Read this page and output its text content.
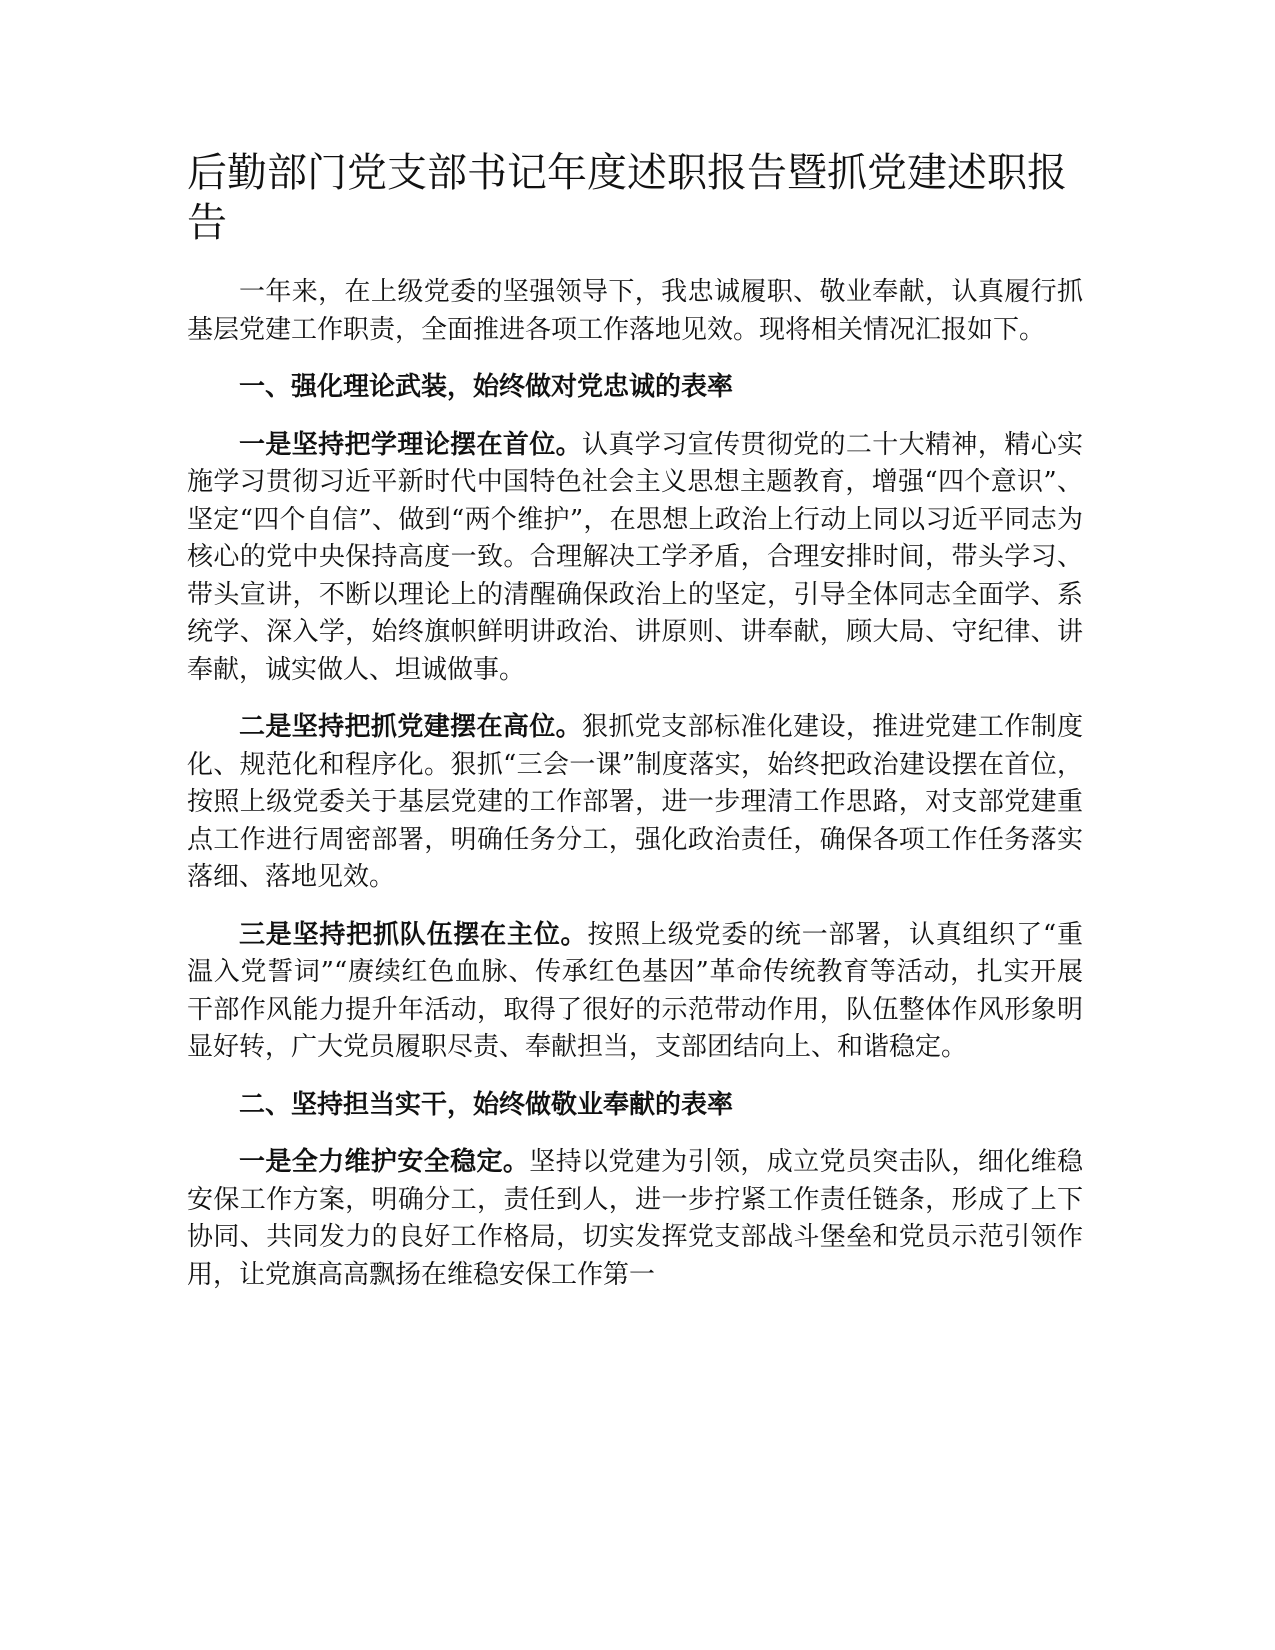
后勤部门党支部书记年度述职报告暨抓党建述职报告

一年来，在上级党委的坚强领导下，我忠诚履职、敬业奉献，认真履行抓基层党建工作职责，全面推进各项工作落地见效。现将相关情况汇报如下。

一、强化理论武装，始终做对党忠诚的表率

一是坚持把学理论摆在首位。认真学习宣传贯彻党的二十大精神，精心实施学习贯彻习近平新时代中国特色社会主义思想主题教育，增强“四个意识”、坚定“四个自信”、做到“两个维护”，在思想上政治上行动上同以习近平同志为核心的党中央保持高度一致。合理解决工学矛盾，合理安排时间，带头学习、带头宣讲，不断以理论上的清醒确保政治上的坚定，引导全体同志全面学、系统学、深入学，始终旗帜鲜明讲政治、讲原则、讲奉献，顾大局、守纪律、讲奉献，诚实做人、坦诚做事。

二是坚持把抓党建摆在高位。狠抓党支部标准化建设，推进党建工作制度化、规范化和程序化。狠抓“三会一课”制度落实，始终把政治建设摆在首位，按照上级党委关于基层党建的工作部署，进一步理清工作思路，对支部党建重点工作进行周密部署，明确任务分工，强化政治责任，确保各项工作任务落实落细、落地见效。

三是坚持把抓队伍摆在主位。按照上级党委的统一部署，认真组织了“重温入党誓词”“赓续红色血脉、传承红色基因”革命传统教育等活动，扎实开展干部作风能力提升年活动，取得了很好的示范带动作用，队伍整体作风形象明显好转，广大党员履职尽责、奉献担当，支部团结向上、和谐稳定。

二、坚持担当实干，始终做敬业奉献的表率

一是全力维护安全稳定。坚持以党建为引领，成立党员突击队，细化维稳安保工作方案，明确分工，责任到人，进一步拧紧工作责任链条，形成了上下协同、共同发力的良好工作格局，切实发挥党支部战斗堡垒和党员示范引领作用，让党旗高高飘扬在维稳安保工作第一
